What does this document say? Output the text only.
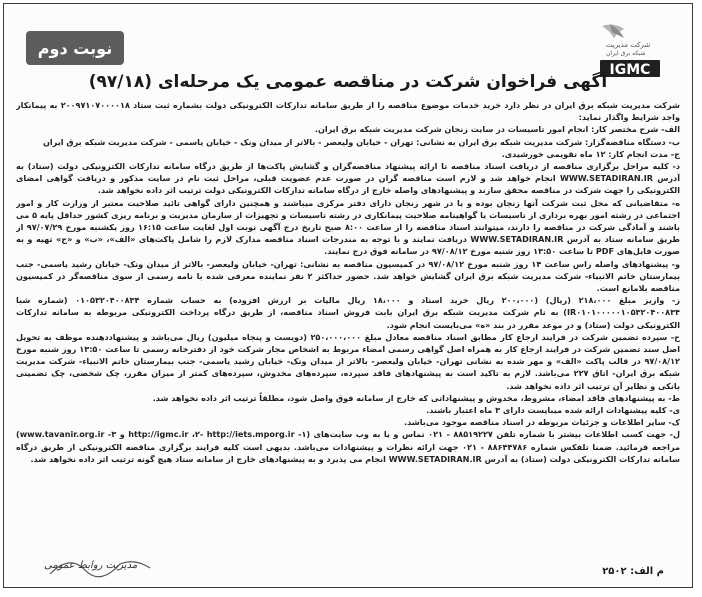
نوبت دوم	شرکت مدیریت
شبکه برق ایران
IGMC
آگهی فراخوان شرکت در مناقصه عمومی یک مرحله‌ای (۹۷/۱۸)

شرکت مدیریت شبکه برق ایران در نظر دارد خرید خدمات موضوع مناقصه را از طریق سامانه تدارکات الکترونیکی دولت بشماره ثبت ستاد ۲۰۰۹۷۱۰۷۰۰۰۰۱۸ به پیمانکار واجد شرایط واگذار نماید:

الف- شرح مختصر کار: انجام امور تاسیسات در سایت زنجان شرکت مدیریت شبکه برق ایران.

ب- دستگاه مناقصه‌گزار: شرکت مدیریت شبکه برق ایران به نشانی: تهران - خیابان ولیعصر - بالاتر از میدان ونک - خیابان یاسمی - شرکت مدیریت شبکه برق ایران

ج- مدت انجام کار: ۱۲ ماه تقویمی خورشیدی.

د- کلیه مراحل برگزاری مناقصه از دریافت اسناد مناقصه تا ارائه پیشنهاد مناقصه‌گران و گشایش پاکت‌ها از طریق درگاه سامانه تدارکات الکترونیکی دولت (ستاد) به آدرس WWW.SETADIRAN.IR انجام خواهد شد و لازم است مناقصه گران در صورت عدم عضویت قبلی، مراحل ثبت نام در سایت مذکور و دریافت گواهی امضای الکترونیکی را جهت شرکت در مناقصه محقق سازند و پیشنهادهای واصله خارج از درگاه سامانه تدارکات الکترونیکی دولت ترتیب اثر داده نخواهد شد.

ه- متقاضیانی که محل ثبت شرکت آنها زنجان بوده و یا در شهر زنجان دارای دفتر مرکزی میباشند و همچنین دارای گواهی تائید صلاحیت معتبر از وزارت کار و امور اجتماعی در رشته امور بهره برداری از تاسیسات یا گواهینامه صلاحیت پیمانکاری در رشته تاسیسات و تجهیزات از سازمان مدیریت و برنامه ریزی کشور حداقل پایه ۵ می باشند و آمادگی شرکت در مناقصه را دارند، میتوانند اسناد مناقصه را از ساعت ۸:۰۰ صبح تاریخ درج آگهی نوبت اول لغایت ساعت ۱۶:۱۵ روز یکشنبه مورخ ۹۷/۰۷/۲۹ از طریق سامانه ستاد به آدرس WWW.SETADIRAN.IR دریافت نمایند و با توجه به مندرجات اسناد مناقصه مدارک لازم را شامل پاکت‌های «الف»، «ب» و «ج» تهیه و به صورت فایل‌های PDF تا ساعت ۱۳:۵۰ روز شنبه مورخ ۹۷/۰۸/۱۲ در سامانه فوق درج نمایند.

و- پیشنهادهای واصله راس ساعت ۱۴ روز شنبه مورخ ۹۷/۰۸/۱۲ در کمیسیون مناقصه به نشانی: تهران- خیابان ولیعصر- بالاتر از میدان ونک- خیابان رشید یاسمی- جنب بیمارستان خاتم الانبیاء- شرکت مدیریت شبکه برق ایران گشایش خواهد شد. حضور حداکثر ۲ نفر نماینده معرفی شده با نامه رسمی از سوی مناقصه‌گر در کمیسیون مناقصه بلامانع است.

ز- واریز مبلغ ۲۱۸،۰۰۰ (ریال) (۲۰۰،۰۰۰ ریال خرید اسناد و ۱۸،۰۰۰ ریال مالیات بر ارزش افزوده) به حساب شماره ۰۱۰۵۳۲۰۴۰۰۸۳۴ (شماره شبا IR۰۱۰۱۰۰۰۰۰۱۰۵۳۲۰۴۰۰۸۳۴) به نام شرکت مدیریت شبکه برق ایران بابت فروش اسناد مناقصه، از طریق درگاه پرداخت الکترونیکی مربوطه به سامانه تدارکات الکترونیکی دولت (ستاد) و در موعد مقرر در بند «ه» می‌بایست انجام شود.

ح- سپرده تضمین شرکت در فرایند ارجاع کار مطابق اسناد مناقصه معادل مبلغ ۲۵۰،۰۰۰،۰۰۰ (دویست و پنجاه میلیون) ریال می‌باشد و پیشنهاددهنده موظف به تحویل اصل سند تضمین شرکت در فرایند ارجاع کار به همراه اصل گواهی رسمی امضاء مربوط به اشخاص مجاز شرکت خود از دفترخانه رسمی تا ساعت ۱۳:۵۰ روز شنبه مورخ ۹۷/۰۸/۱۲ در قالب پاکت «الف» و مهر شده به نشانی تهران- خیابان ولیعصر- بالاتر از میدان ونک- خیابان رشید یاسمی- جنب بیمارستان خاتم الانبیاء- شرکت مدیریت شبکه برق ایران- اتاق ۲۲۷ می‌باشد. لازم به تاکید است به پیشنهادهای فاقد سپرده، سپرده‌های مخدوش، سپرده‌های کمتر از میزان مقرر، چک شخصی، چک تضمینی بانکی و نظایر آن ترتیب اثر داده نخواهد شد.

ط- به پیشنهادهای فاقد امضاء، مشروط، مخدوش و پیشنهاداتی که خارج از سامانه فوق واصل شود، مطلقاً ترتیب اثر داده نخواهد شد.

ی- کلیه پیشنهادات ارائه شده میبایست دارای ۳ ماه اعتبار باشند.

ک- سایر اطلاعات و جزئیات مربوطه در اسناد مناقصه موجود می‌باشد.

ل- جهت کسب اطلاعات بیشتر با شماره تلفن ۸۸۵۱۹۲۲۷ - ۰۲۱ تماس و یا به وب سایت‌های (۱- http://igmc.ir ،۲- http://iets.mporg.ir و ۳- www.tavanir.org.ir) مراجعه فرمائید. ضمنا تلفکس شماره ۸۸۶۴۴۷۸۶ - ۰۲۱ جهت ارائه نظرات و پیشنهادات می‌باشد. بدیهی است کلیه فرایند برگزاری مناقصه الکترونیکی از طریق درگاه سامانه تدارکات الکترونیکی دولت (ستاد) به آدرس WWW.SETADIRAN.IR انجام می پذیرد و به پیشنهادهای خارج از سامانه ستاد هیچ گونه ترتیب اثر داده نخواهد شد.

مدیریت روابط عمومی
م الف: ۲۵۰۲
